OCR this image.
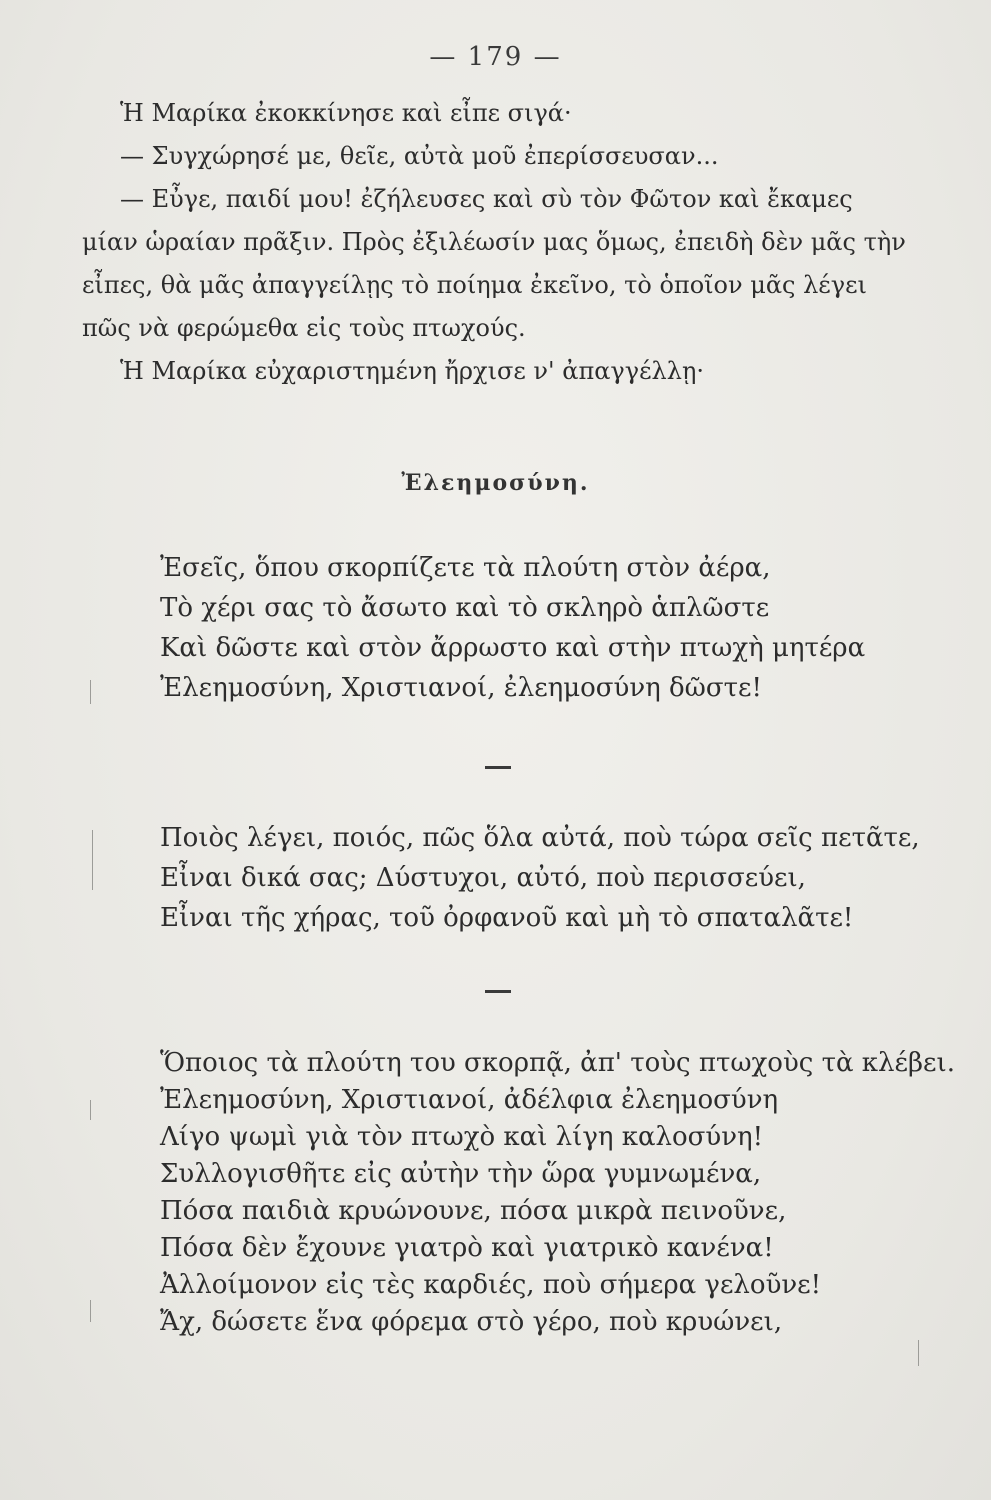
— 179 —
Ἡ Μαρίκα ἐκοκκίνησε καὶ εἶπε σιγά·
— Συγχώρησέ με, θεῖε, αὐτὰ μοῦ ἐπερίσσευσαν...
— Εὖγε, παιδί μου! ἐζήλευσες καὶ σὺ τὸν Φῶτον καὶ ἔκαμες
μίαν ὡραίαν πρᾶξιν. Πρὸς ἐξιλέωσίν μας ὅμως, ἐπειδὴ δὲν μᾶς τὴν
εἶπες, θὰ μᾶς ἀπαγγείλῃς τὸ ποίημα ἐκεῖνο, τὸ ὁποῖον μᾶς λέγει
πῶς νὰ φερώμεθα εἰς τοὺς πτωχούς.
Ἡ Μαρίκα εὐχαριστημένη ἤρχισε ν' ἀπαγγέλλῃ·
Ἐλεημοσύνη.
Ἐσεῖς, ὅπου σκορπίζετε τὰ πλούτη στὸν ἀέρα,
Τὸ χέρι σας τὸ ἄσωτο καὶ τὸ σκληρὸ ἁπλῶστε
Καὶ δῶστε καὶ στὸν ἄρρωστο καὶ στὴν πτωχὴ μητέρα
Ἐλεημοσύνη, Χριστιανοί, ἐλεημοσύνη δῶστε!
Ποιὸς λέγει, ποιός, πῶς ὅλα αὐτά, ποὺ τώρα σεῖς πετᾶτε,
Εἶναι δικά σας; Δύστυχοι, αὐτό, ποὺ περισσεύει,
Εἶναι τῆς χήρας, τοῦ ὀρφανοῦ καὶ μὴ τὸ σπαταλᾶτε!
Ὅποιος τὰ πλούτη του σκορπᾷ, ἀπ' τοὺς πτωχοὺς τὰ κλέβει.
Ἐλεημοσύνη, Χριστιανοί, ἀδέλφια ἐλεημοσύνη
Λίγο ψωμὶ γιὰ τὸν πτωχὸ καὶ λίγη καλοσύνη!
Συλλογισθῆτε εἰς αὐτὴν τὴν ὥρα γυμνωμένα,
Πόσα παιδιὰ κρυώνουνε, πόσα μικρὰ πεινοῦνε,
Πόσα δὲν ἔχουνε γιατρὸ καὶ γιατρικὸ κανένα!
Ἀλλοίμονον εἰς τὲς καρδιές, ποὺ σήμερα γελοῦνε!
Ἄχ, δώσετε ἕνα φόρεμα στὸ γέρο, ποὺ κρυώνει,
